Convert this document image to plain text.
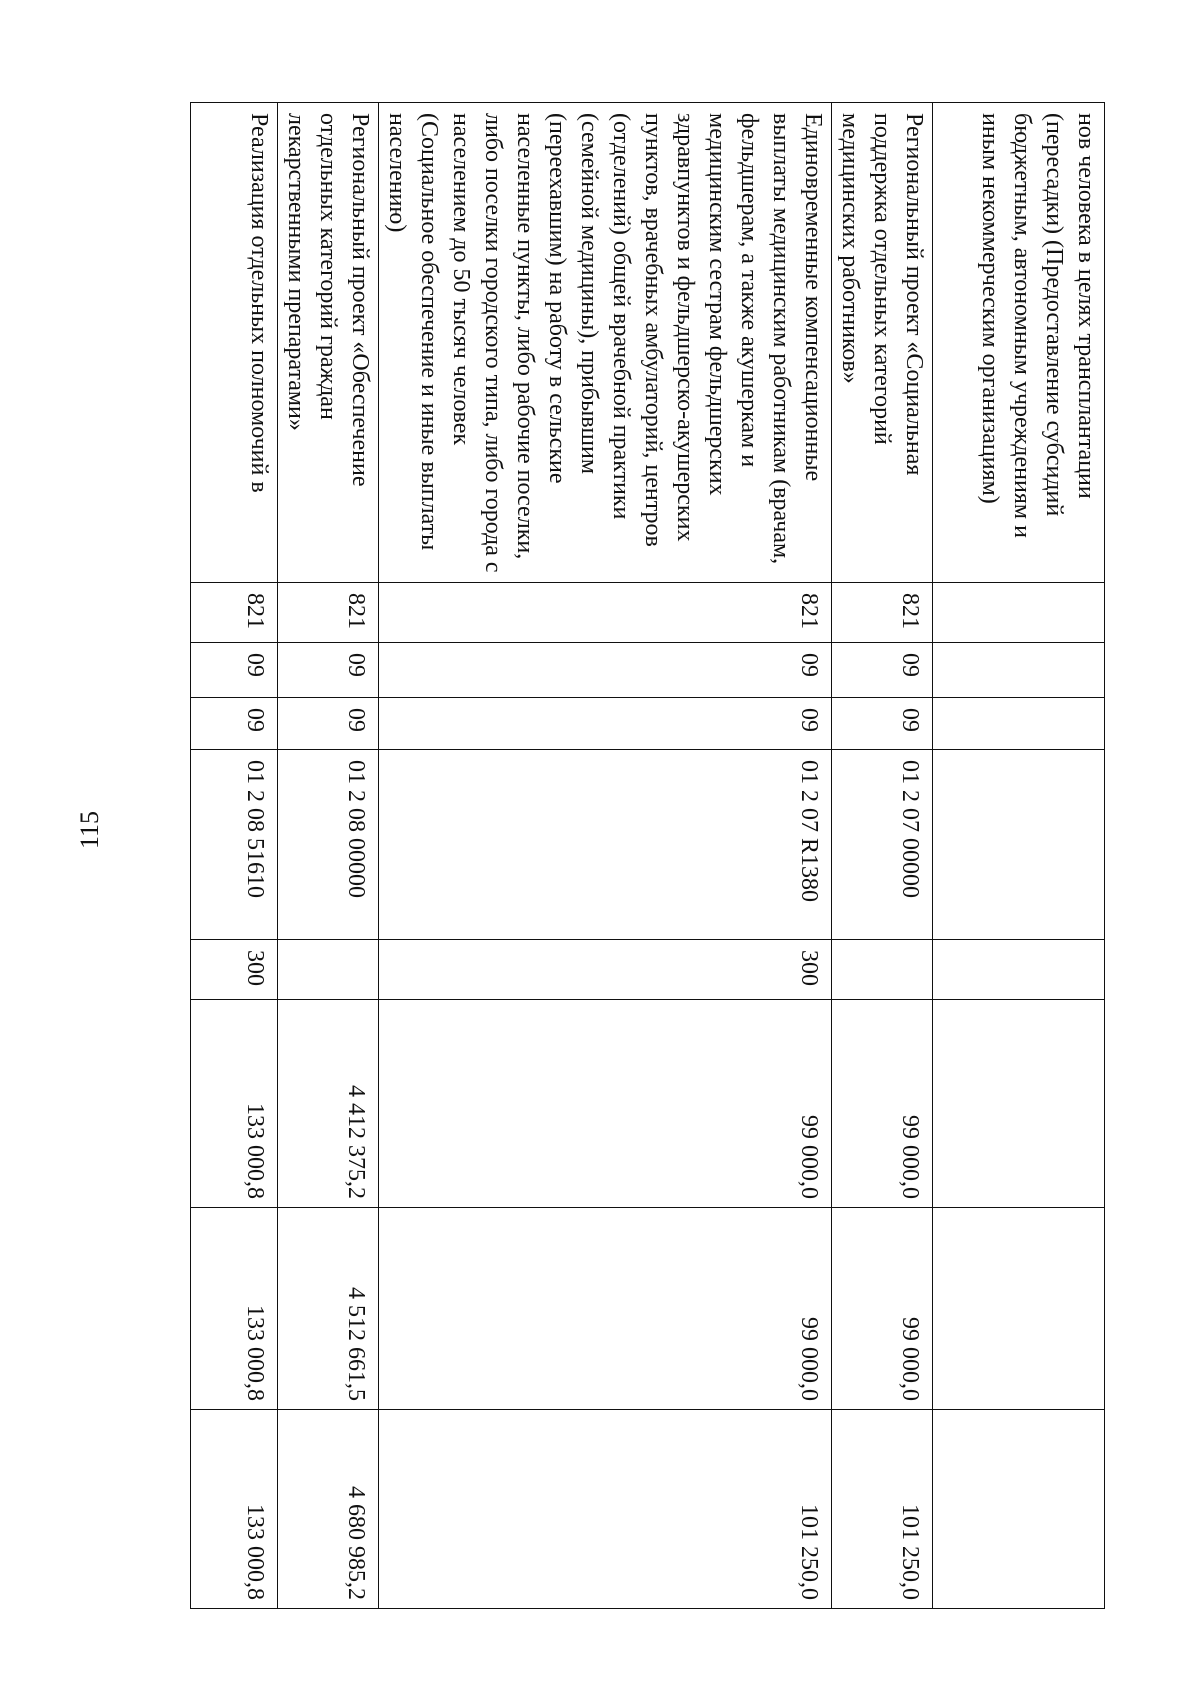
115
нов человека в целях трансплантации (пересадки) (Предоставление субсидий бюджетным, автономным учреждениям и иным некоммерческим организациям)								
Региональный проект «Социальная поддержка отдельных категорий медицинских работников»	821	09	09	01 2 07 00000		99 000,0	99 000,0	101 250,0
Единовременные компенсационные выплаты медицинским работникам (врачам, фельдшерам, а также акушеркам и медицинским сестрам фельдшерских здравпунктов и фельдшерско-акушерских пунктов, врачебных амбулаторий, центров (отделений) общей врачебной практики (семейной медицины), прибывшим (переехавшим) на работу в сельские населенные пункты, либо рабочие поселки, либо поселки городского типа, либо города с населением до 50 тысяч человек (Социальное обеспечение и иные выплаты населению)	821	09	09	01 2 07 R1380	300	99 000,0	99 000,0	101 250,0
Региональный проект «Обеспечение отдельных категорий граждан лекарственными препаратами»	821	09	09	01 2 08 00000		4 412 375,2	4 512 661,5	4 680 985,2
Реализация отдельных полномочий в	821	09	09	01 2 08 51610	300	133 000,8	133 000,8	133 000,8
